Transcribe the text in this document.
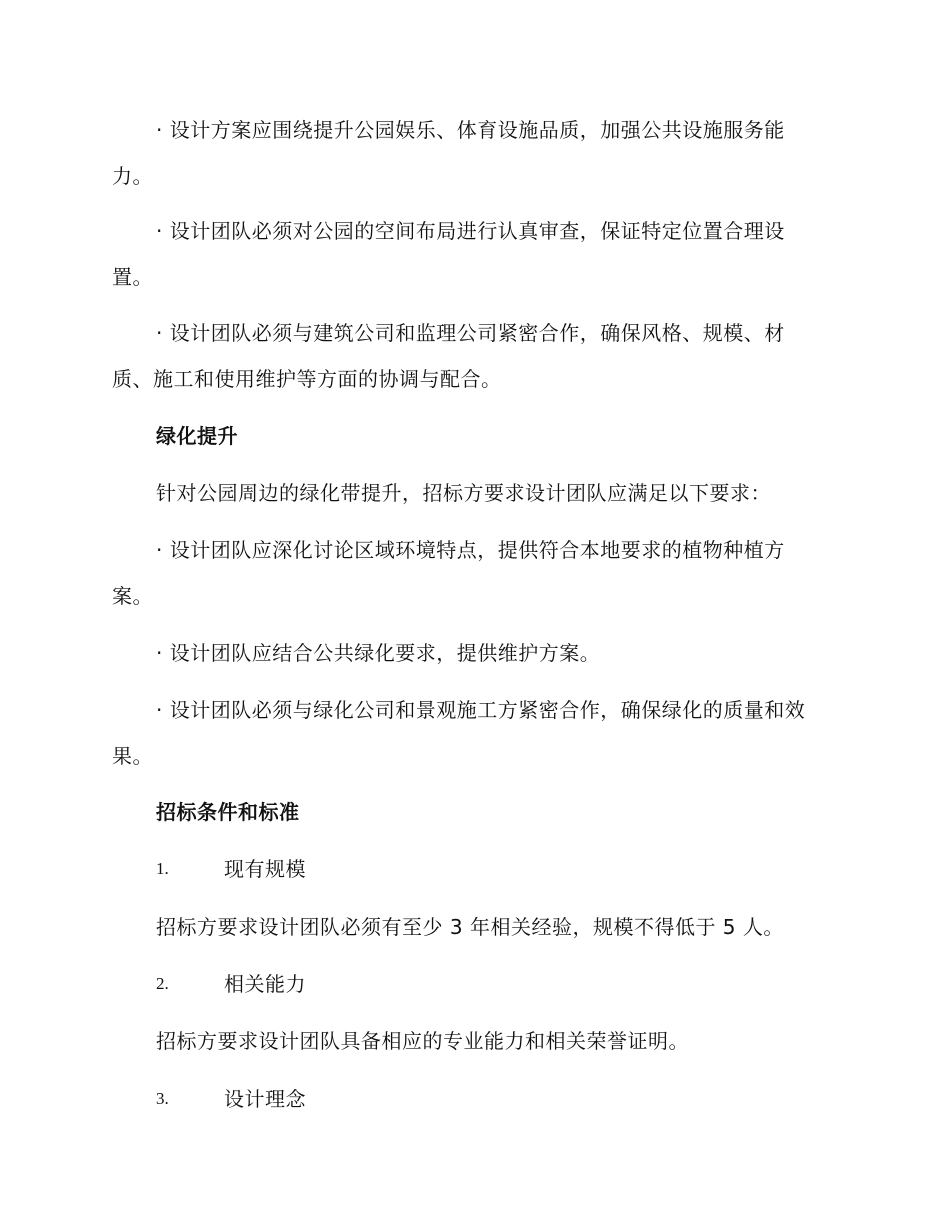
· 设计方案应围绕提升公园娱乐、体育设施品质，加强公共设施服务能力。

· 设计团队必须对公园的空间布局进行认真审查，保证特定位置合理设置。

· 设计团队必须与建筑公司和监理公司紧密合作，确保风格、规模、材质、施工和使用维护等方面的协调与配合。

绿化提升

针对公园周边的绿化带提升，招标方要求设计团队应满足以下要求：

· 设计团队应深化讨论区域环境特点，提供符合本地要求的植物种植方案。

· 设计团队应结合公共绿化要求，提供维护方案。

· 设计团队必须与绿化公司和景观施工方紧密合作，确保绿化的质量和效果。

招标条件和标准
1.	现有规模

招标方要求设计团队必须有至少 3 年相关经验，规模不得低于 5 人。

2.	相关能力

招标方要求设计团队具备相应的专业能力和相关荣誉证明。

3.	设计理念
